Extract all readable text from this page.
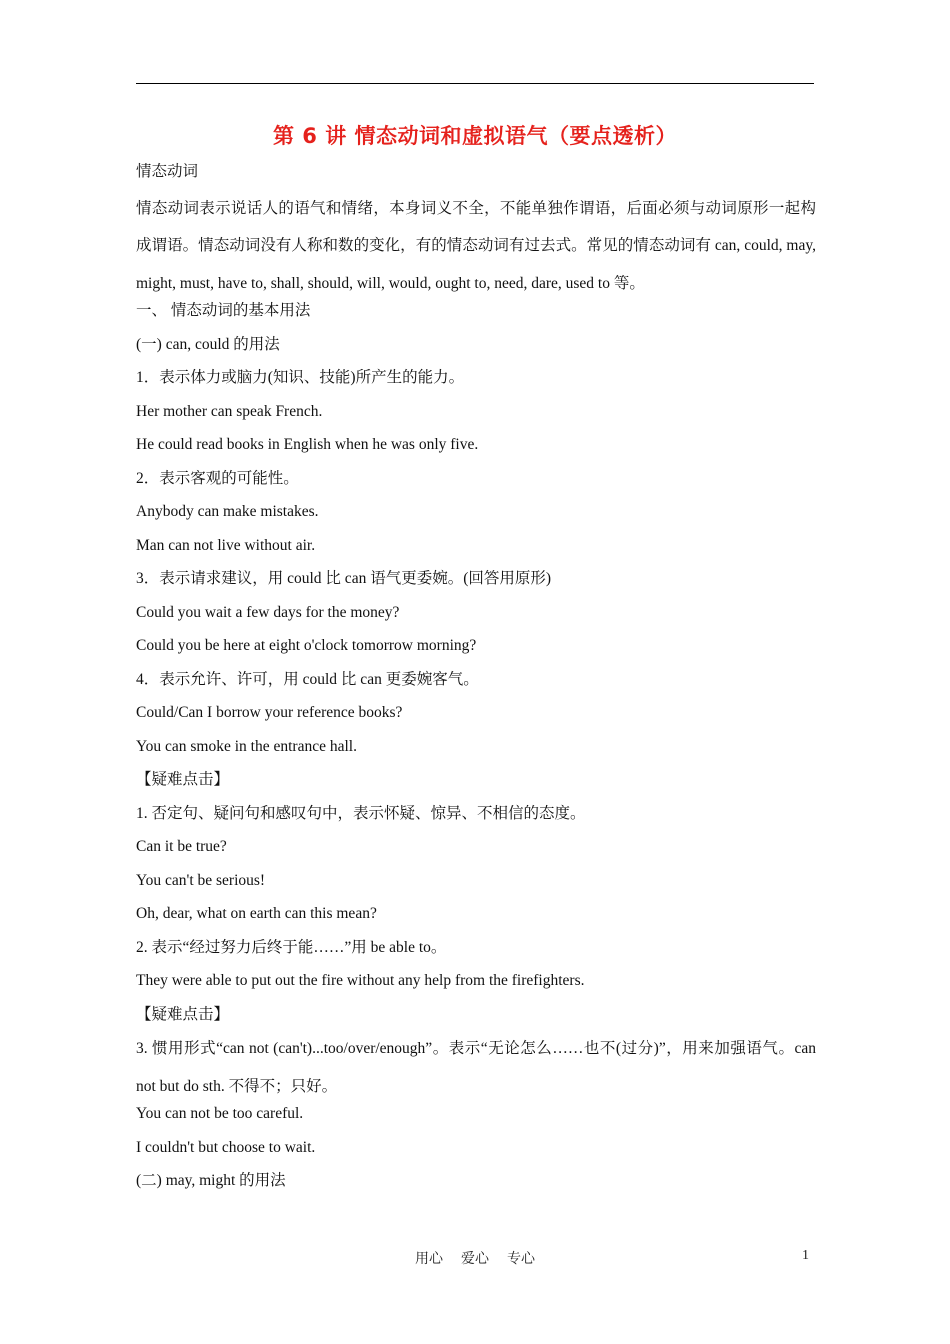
第 6 讲 情态动词和虚拟语气（要点透析）
情态动词
情态动词表示说话人的语气和情绪，本身词义不全，不能单独作谓语，后面必须与动词原形一起构成谓语。情态动词没有人称和数的变化，有的情态动词有过去式。常见的情态动词有 can, could, may, might, must, have to, shall, should, will, would, ought to, need, dare, used to 等。
一、 情态动词的基本用法
(一) can, could 的用法
1．表示体力或脑力(知识、技能)所产生的能力。
Her mother can speak French.
He could read books in English when he was only five.
2．表示客观的可能性。
Anybody can make mistakes.
Man can not live without air.
3．表示请求建议，用 could 比 can 语气更委婉。(回答用原形)
Could you wait a few days for the money?
Could you be here at eight o'clock tomorrow morning?
4．表示允许、许可，用 could 比 can 更委婉客气。
Could/Can I borrow your reference books?
You can smoke in the entrance hall.
【疑难点击】
1. 否定句、疑问句和感叹句中，表示怀疑、惊异、不相信的态度。
Can it be true?
You can't be serious!
Oh, dear, what on earth can this mean?
2. 表示“经过努力后终于能……”用 be able to。
They were able to put out the fire without any help from the firefighters.
【疑难点击】
3. 惯用形式“can not (can't)...too/over/enough”。表示“无论怎么……也不(过分)”，用来加强语气。can not but do sth. 不得不；只好。
You can not be too careful.
I couldn't but choose to wait.
(二) may, might 的用法
用心 爱心 专心	1
